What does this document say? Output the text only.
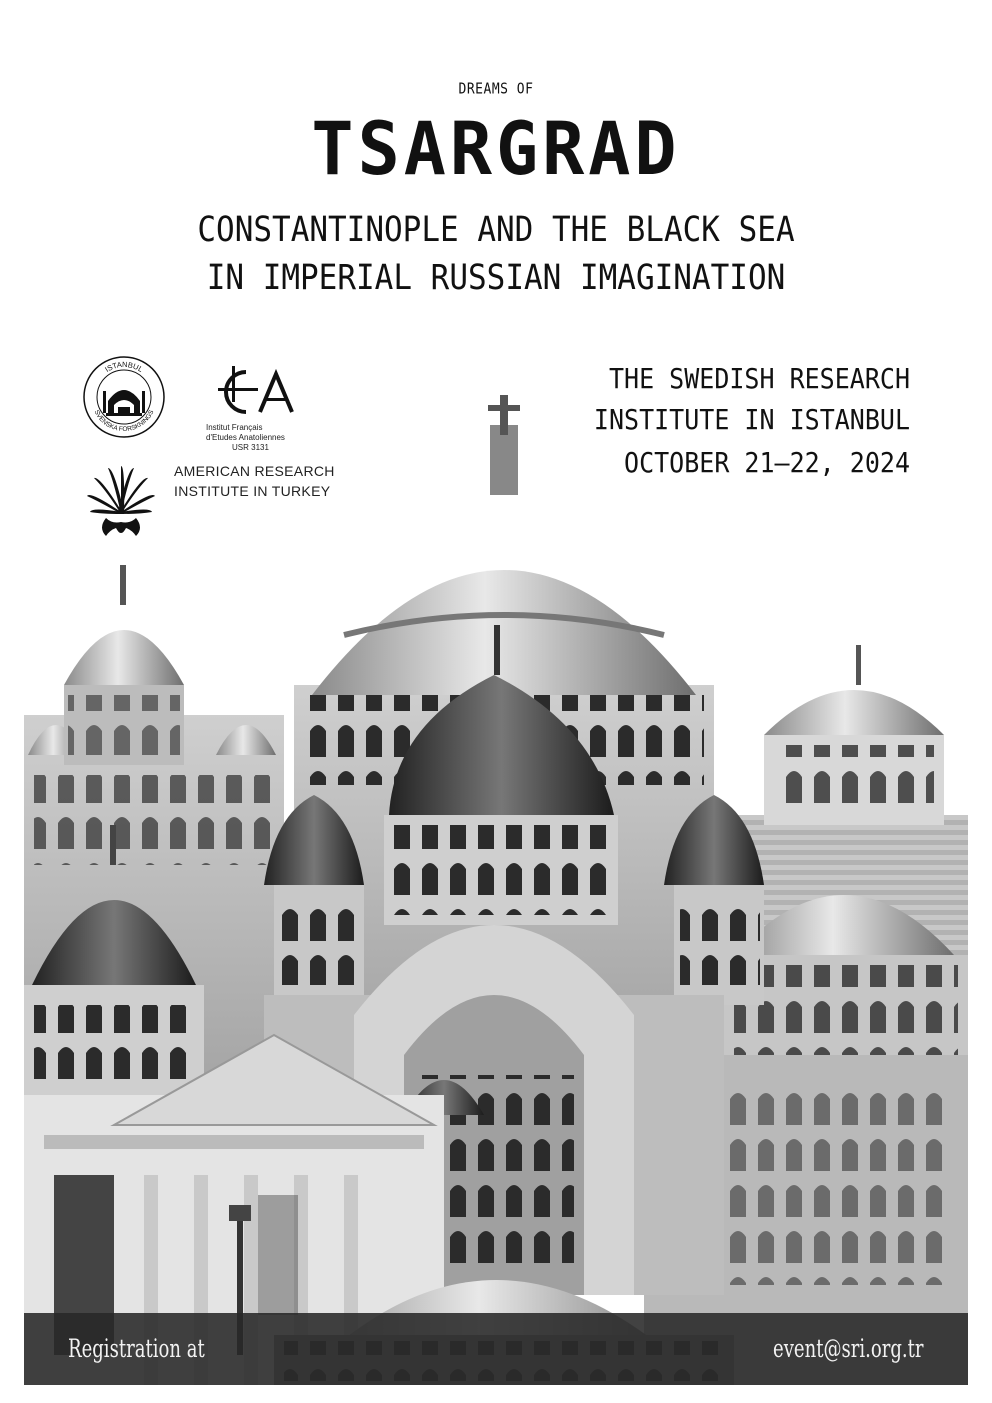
DREAMS OF
TSARGRAD
CONSTANTINOPLE AND THE BLACK SEA
IN IMPERIAL RUSSIAN IMAGINATION
ISTANBUL
SVENSKA FORSKNINGS
Institut Français
d'Etudes Anatoliennes
USR 3131
AMERICAN RESEARCH
INSTITUTE IN TURKEY
THE SWEDISH RESEARCH
INSTITUTE IN ISTANBUL
OCTOBER 21–22, 2024
Registration at	event@sri.org.tr
